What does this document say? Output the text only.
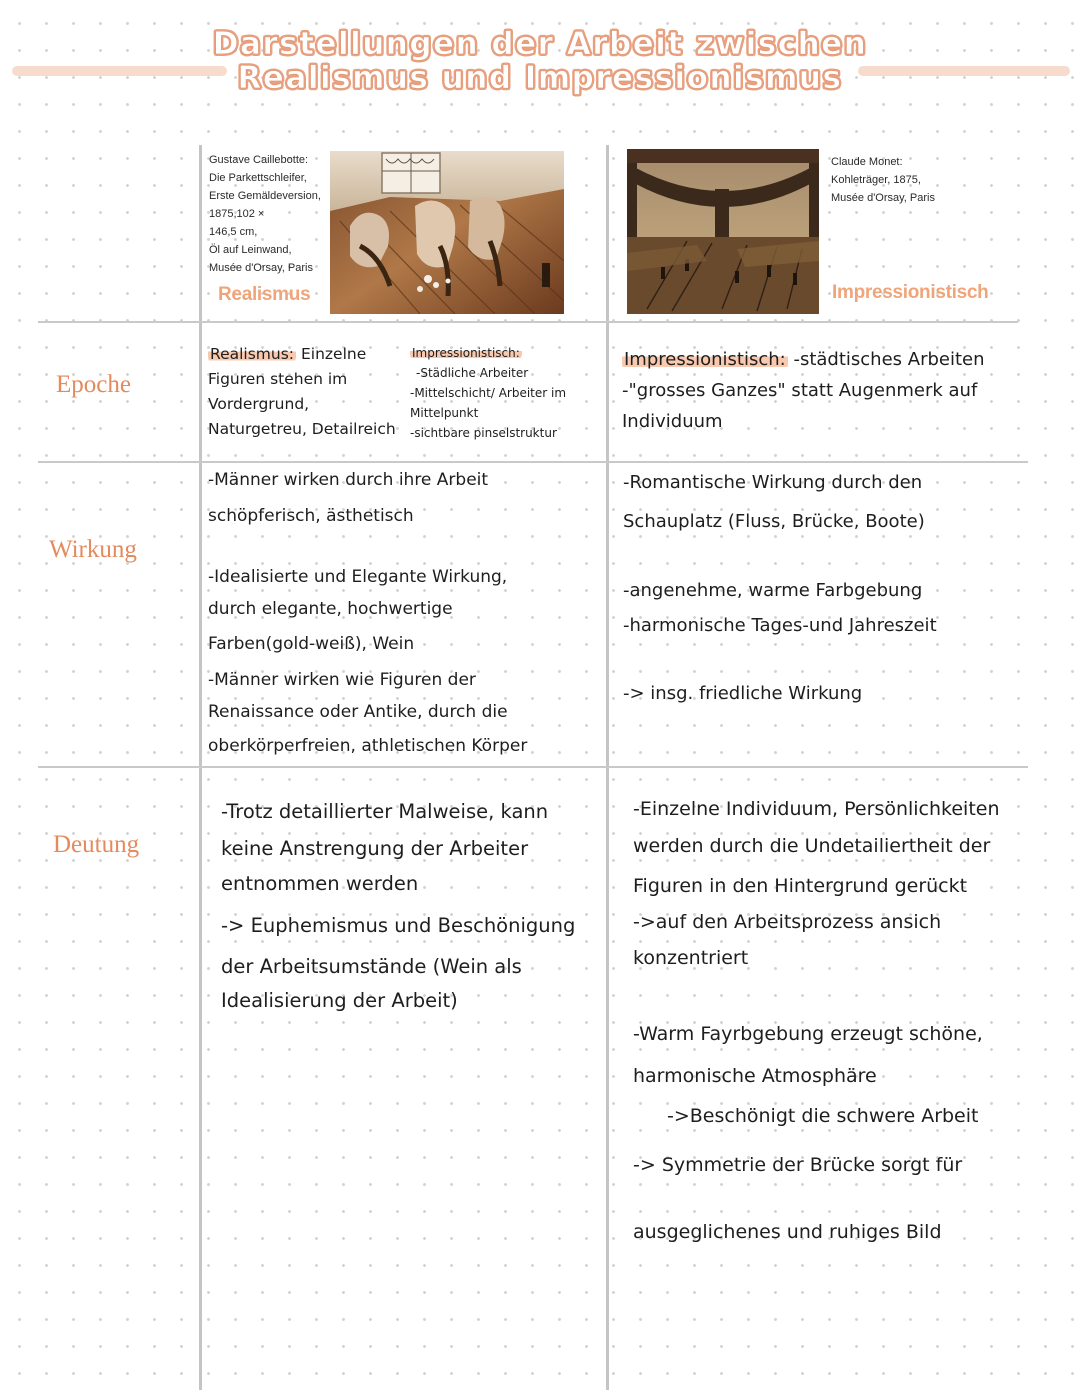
Darstellungen der Arbeit zwischen
Realismus und Impressionismus
Gustave Caillebotte:
Die Parkettschleifer,
Erste Gemäldeversion,
1875,102 ×
146,5 cm,
Öl auf Leinwand,
Musée d'Orsay, Paris
Realismus
Claude Monet:
Kohleträger, 1875,
Musée d'Orsay, Paris
Impressionistisch
Epoche
Wirkung
Deutung
Realismus: Einzelne
Figuren stehen im
Vordergrund,
Naturgetreu, Detailreich
Impressionistisch:
-Städliche Arbeiter
-Mittelschicht/ Arbeiter im
Mittelpunkt
-sichtbare pinselstruktur
Impressionistisch: -städtisches Arbeiten
-"grosses Ganzes" statt Augenmerk auf
Individuum
-Männer wirken durch ihre Arbeit
schöpferisch, ästhetisch
-Idealisierte und Elegante Wirkung,
durch elegante, hochwertige
Farben(gold-weiß), Wein
-Männer wirken wie Figuren der
Renaissance oder Antike, durch die
oberkörperfreien, athletischen Körper
-Romantische Wirkung durch den
Schauplatz (Fluss, Brücke, Boote)
-angenehme, warme Farbgebung
-harmonische Tages-und Jahreszeit
-> insg. friedliche Wirkung
-Trotz detaillierter Malweise, kann
keine Anstrengung der Arbeiter
entnommen werden
-> Euphemismus und Beschönigung
der Arbeitsumstände (Wein als
Idealisierung der Arbeit)
-Einzelne Individuum, Persönlichkeiten
werden durch die Undetailiertheit der
Figuren in den Hintergrund gerückt
->auf den Arbeitsprozess ansich
konzentriert
-Warm Fayrbgebung erzeugt schöne,
harmonische Atmosphäre
->Beschönigt die schwere Arbeit
-> Symmetrie der Brücke sorgt für
ausgeglichenes und ruhiges Bild
